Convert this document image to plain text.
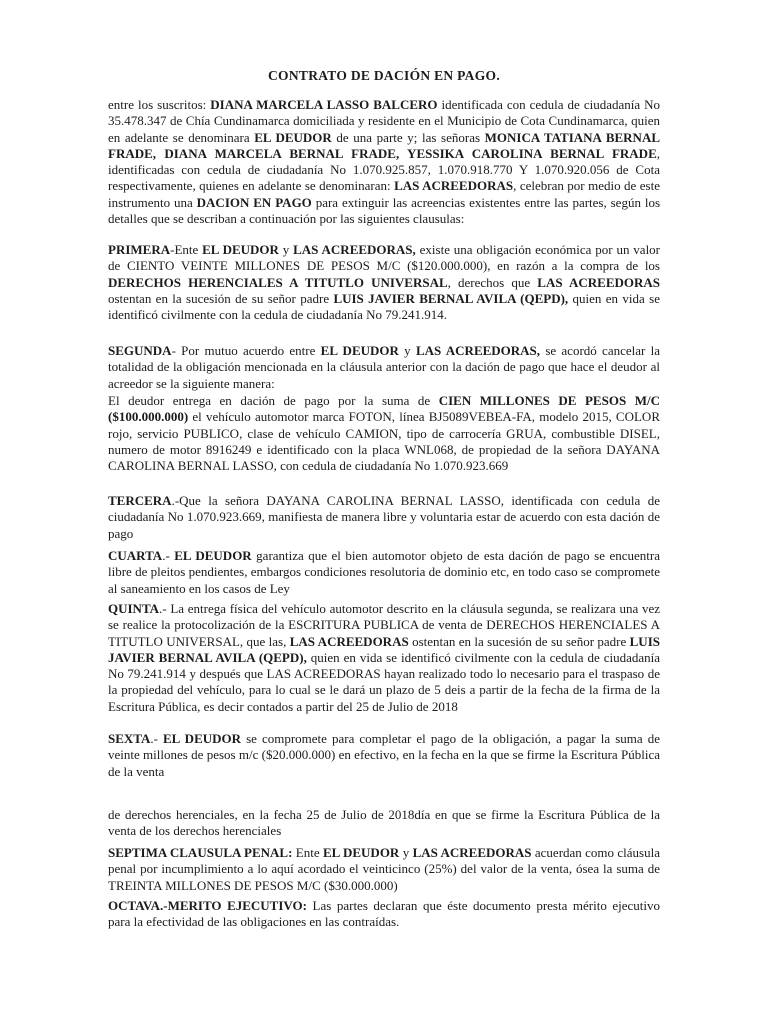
CONTRATO DE DACIÓN EN PAGO.

entre los suscritos: DIANA MARCELA LASSO BALCERO identificada con cedula de ciudadanía No 35.478.347 de Chía Cundinamarca domiciliada y residente en el Municipio de Cota Cundinamarca, quien en adelante se denominara EL DEUDOR de una parte y; las señoras MONICA TATIANA BERNAL FRADE, DIANA MARCELA BERNAL FRADE, YESSIKA CAROLINA BERNAL FRADE, identificadas con cedula de ciudadanía No 1.070.925.857, 1.070.918.770 Y 1.070.920.056 de Cota respectivamente, quienes en adelante se denominaran: LAS ACREEDORAS, celebran por medio de este instrumento una DACION EN PAGO para extinguir las acreencias existentes entre las partes, según los detalles que se describan a continuación por las siguientes clausulas:

PRIMERA-Ente EL DEUDOR y LAS ACREEDORAS, existe una obligación económica por un valor de CIENTO VEINTE MILLONES DE PESOS M/C ($120.000.000), en razón a la compra de los DERECHOS HERENCIALES A TITUTLO UNIVERSAL, derechos que LAS ACREEDORAS ostentan en la sucesión de su señor padre LUIS JAVIER BERNAL AVILA (QEPD), quien en vida se identificó civilmente con la cedula de ciudadanía No 79.241.914.

SEGUNDA- Por mutuo acuerdo entre EL DEUDOR y LAS ACREEDORAS, se acordó cancelar la totalidad de la obligación mencionada en la cláusula anterior con la dación de pago que hace el deudor al acreedor se la siguiente manera:

El deudor entrega en dación de pago por la suma de CIEN MILLONES DE PESOS M/C ($100.000.000) el vehículo automotor marca FOTON, línea BJ5089VEBEA-FA, modelo 2015, COLOR rojo, servicio PUBLICO, clase de vehículo CAMION, tipo de carrocería GRUA, combustible DISEL, numero de motor 8916249 e identificado con la placa WNL068, de propiedad de la señora DAYANA CAROLINA BERNAL LASSO, con cedula de ciudadanía No 1.070.923.669

TERCERA.-Que la señora DAYANA CAROLINA BERNAL LASSO, identificada con cedula de ciudadanía No 1.070.923.669, manifiesta de manera libre y voluntaria estar de acuerdo con esta dación de pago

CUARTA.- EL DEUDOR garantiza que el bien automotor objeto de esta dación de pago se encuentra libre de pleitos pendientes, embargos condiciones resolutoria de dominio etc, en todo caso se compromete al saneamiento en los casos de Ley

QUINTA.- La entrega física del vehículo automotor descrito en la cláusula segunda, se realizara una vez se realice la protocolización de la ESCRITURA PUBLICA de venta de DERECHOS HERENCIALES A TITUTLO UNIVERSAL, que las, LAS ACREEDORAS ostentan en la sucesión de su señor padre LUIS JAVIER BERNAL AVILA (QEPD), quien en vida se identificó civilmente con la cedula de ciudadanía No 79.241.914 y después que LAS ACREEDORAS hayan realizado todo lo necesario para el traspaso de la propiedad del vehículo, para lo cual se le dará un plazo de 5 deis a partir de la fecha de la firma de la Escritura Pública, es decir contados a partir del 25 de Julio de 2018

SEXTA.- EL DEUDOR se compromete para completar el pago de la obligación, a pagar la suma de veinte millones de pesos m/c ($20.000.000) en efectivo, en la fecha en la que se firme la Escritura Pública de la venta

de derechos herenciales, en la fecha 25 de Julio de 2018día en que se firme la Escritura Pública de la venta de los derechos herenciales

SEPTIMA CLAUSULA PENAL: Ente EL DEUDOR y LAS ACREEDORAS acuerdan como cláusula penal por incumplimiento a lo aquí acordado el veinticinco (25%) del valor de la venta, ósea la suma de TREINTA MILLONES DE PESOS M/C ($30.000.000)

OCTAVA.-MERITO EJECUTIVO: Las partes declaran que éste documento presta mérito ejecutivo para la efectividad de las obligaciones en las contraídas.
